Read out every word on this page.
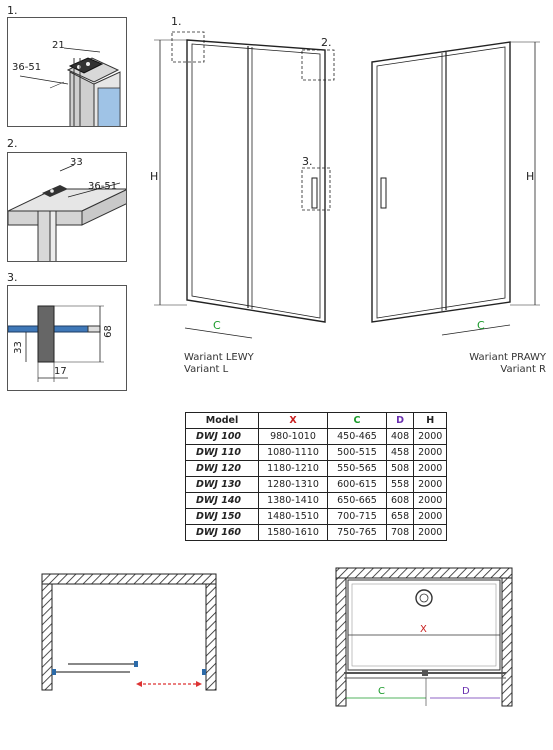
1.
21
36-51
2.
33
36-51
3.
68
33
17
1.
2.
3.
H	H
C	C
Wariant LEWY
Variant L
Wariant PRAWY
Variant R
Model	X	C	D	H
DWJ 100	980-1010	450-465	408	2000
DWJ 110	1080-1110	500-515	458	2000
DWJ 120	1180-1210	550-565	508	2000
DWJ 130	1280-1310	600-615	558	2000
DWJ 140	1380-1410	650-665	608	2000
DWJ 150	1480-1510	700-715	658	2000
DWJ 160	1580-1610	750-765	708	2000
X
C	D
